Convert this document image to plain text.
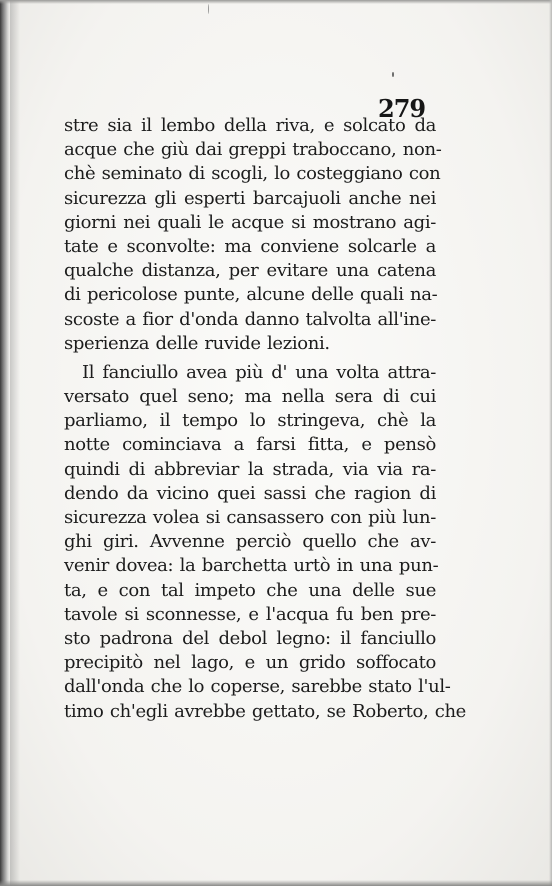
279
stre sia il lembo della riva, e solcato da
acque che giù dai greppi traboccano, non-
chè seminato di scogli, lo costeggiano con
sicurezza gli esperti barcajuoli anche nei
giorni nei quali le acque si mostrano agi-
tate e sconvolte: ma conviene solcarle a
qualche distanza, per evitare una catena
di pericolose punte, alcune delle quali na-
scoste a fior d'onda danno talvolta all'ine-
sperienza delle ruvide lezioni.
Il fanciullo avea più d' una volta attra-
versato quel seno; ma nella sera di cui
parliamo, il tempo lo stringeva, chè la
notte cominciava a farsi fitta, e pensò
quindi di abbreviar la strada, via via ra-
dendo da vicino quei sassi che ragion di
sicurezza volea si cansassero con più lun-
ghi giri. Avvenne perciò quello che av-
venir dovea: la barchetta urtò in una pun-
ta, e con tal impeto che una delle sue
tavole si sconnesse, e l'acqua fu ben pre-
sto padrona del debol legno: il fanciullo
precipitò nel lago, e un grido soffocato
dall'onda che lo coperse, sarebbe stato l'ul-
timo ch'egli avrebbe gettato, se Roberto, che
